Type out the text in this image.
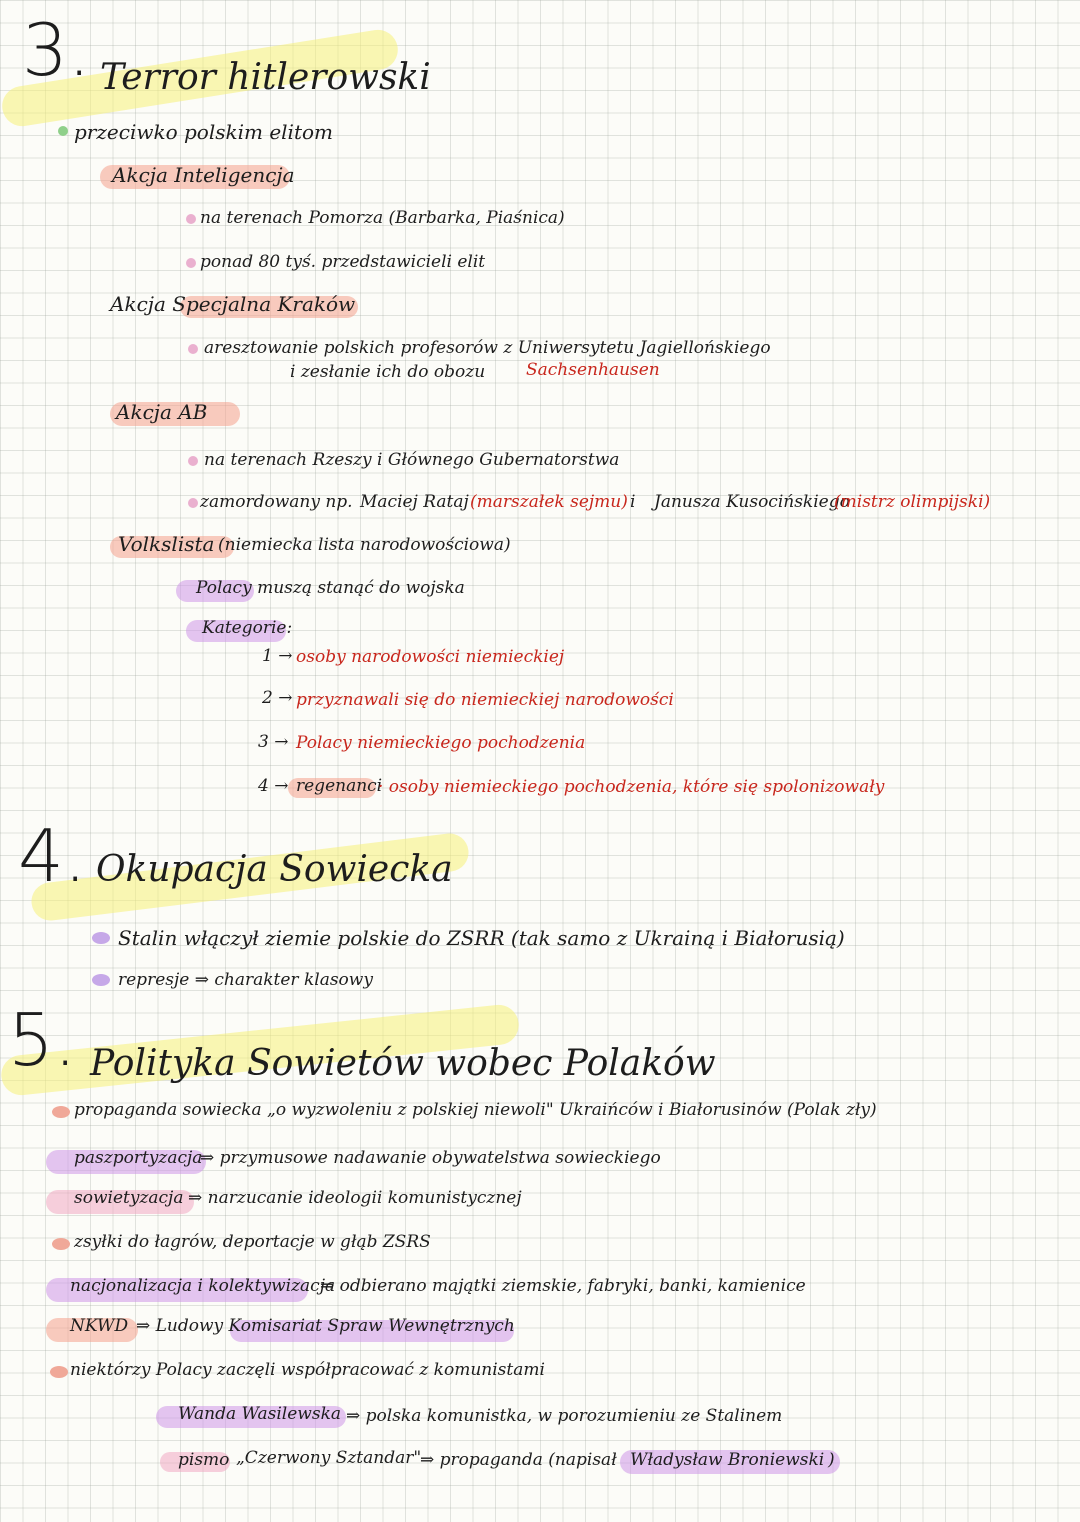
3. Terror hitlerowski
przeciwko polskim elitom
Akcja Inteligencja
na terenach Pomorza (Barbarka, Piaśnica)
ponad 80 tyś. przedstawicieli elit
Akcja Specjalna Kraków
aresztowanie polskich profesorów z Uniwersytetu Jagiellońskiego
i zesłanie ich do obozu Sachsenhausen
Akcja AB
na terenach Rzeszy i Głównego Gubernatorstwa
zamordowany np. Maciej Rataj (marszałek sejmu) i Janusza Kusocińskiego
(mistrz olimpijski)
Volkslista (niemiecka lista narodowościowa)
Polacy muszą stanąć do wojska
Kategorie:
1 → osoby narodowości niemieckiej
2 → przyznawali się do niemieckiej narodowości
3 → Polacy niemieckiego pochodzenia
4 → regenanci
· osoby niemieckiego pochodzenia, które się spolonizowały
4. Okupacja Sowiecka
Stalin włączył ziemie polskie do ZSRR (tak samo z Ukrainą i Białorusią)
represje ⇒ charakter klasowy
5. Polityka Sowietów wobec Polaków
propaganda sowiecka „o wyzwoleniu z polskiej niewoli" Ukraińców i Białorusinów (Polak zły)
paszportyzacja
⇒ przymusowe nadawanie obywatelstwa sowieckiego
sowietyzacja ⇒ narzucanie ideologii komunistycznej
zsyłki do łagrów, deportacje w głąb ZSRS
nacjonalizacja i kolektywizacja
⇒ odbierano majątki ziemskie, fabryki, banki, kamienice
NKWD ⇒ Ludowy Komisariat Spraw Wewnętrznych
niektórzy Polacy zaczęli współpracować z komunistami
Wanda Wasilewska ⇒ polska komunistka, w porozumieniu ze Stalinem
pismo „Czerwony Sztandar"
⇒ propaganda (napisał Władysław Broniewski )
